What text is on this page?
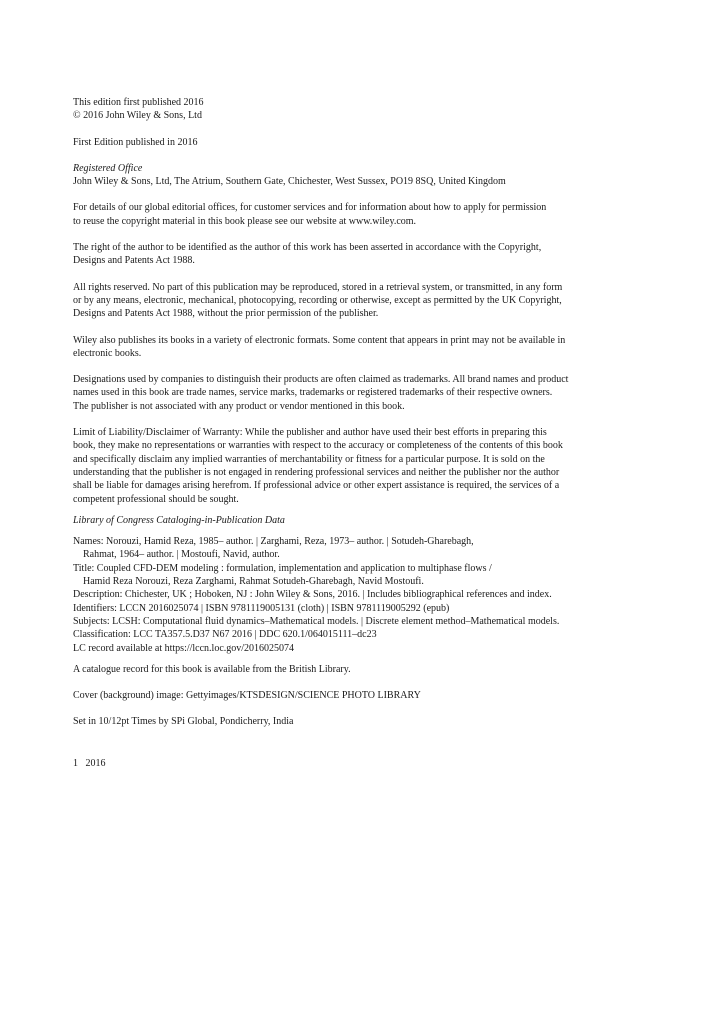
This edition first published 2016
© 2016 John Wiley & Sons, Ltd
First Edition published in 2016
Registered Office
John Wiley & Sons, Ltd, The Atrium, Southern Gate, Chichester, West Sussex, PO19 8SQ, United Kingdom
For details of our global editorial offices, for customer services and for information about how to apply for permission
to reuse the copyright material in this book please see our website at www.wiley.com.
The right of the author to be identified as the author of this work has been asserted in accordance with the Copyright,
Designs and Patents Act 1988.
All rights reserved. No part of this publication may be reproduced, stored in a retrieval system, or transmitted, in any form
or by any means, electronic, mechanical, photocopying, recording or otherwise, except as permitted by the UK Copyright,
Designs and Patents Act 1988, without the prior permission of the publisher.
Wiley also publishes its books in a variety of electronic formats. Some content that appears in print may not be available in
electronic books.
Designations used by companies to distinguish their products are often claimed as trademarks. All brand names and product
names used in this book are trade names, service marks, trademarks or registered trademarks of their respective owners.
The publisher is not associated with any product or vendor mentioned in this book.
Limit of Liability/Disclaimer of Warranty: While the publisher and author have used their best efforts in preparing this
book, they make no representations or warranties with respect to the accuracy or completeness of the contents of this book
and specifically disclaim any implied warranties of merchantability or fitness for a particular purpose. It is sold on the
understanding that the publisher is not engaged in rendering professional services and neither the publisher nor the author
shall be liable for damages arising herefrom. If professional advice or other expert assistance is required, the services of a
competent professional should be sought.
Library of Congress Cataloging-in-Publication Data
Names: Norouzi, Hamid Reza, 1985– author. | Zarghami, Reza, 1973– author. | Sotudeh-Gharebagh,
Rahmat, 1964– author. | Mostoufi, Navid, author.
Title: Coupled CFD-DEM modeling : formulation, implementation and application to multiphase flows /
Hamid Reza Norouzi, Reza Zarghami, Rahmat Sotudeh-Gharebagh, Navid Mostoufi.
Description: Chichester, UK ; Hoboken, NJ : John Wiley & Sons, 2016. | Includes bibliographical references and index.
Identifiers: LCCN 2016025074 | ISBN 9781119005131 (cloth) | ISBN 9781119005292 (epub)
Subjects: LCSH: Computational fluid dynamics–Mathematical models. | Discrete element method–Mathematical models.
Classification: LCC TA357.5.D37 N67 2016 | DDC 620.1/064015111–dc23
LC record available at https://lccn.loc.gov/2016025074
A catalogue record for this book is available from the British Library.
Cover (background) image: Gettyimages/KTSDESIGN/SCIENCE PHOTO LIBRARY
Set in 10/12pt Times by SPi Global, Pondicherry, India
1   2016
